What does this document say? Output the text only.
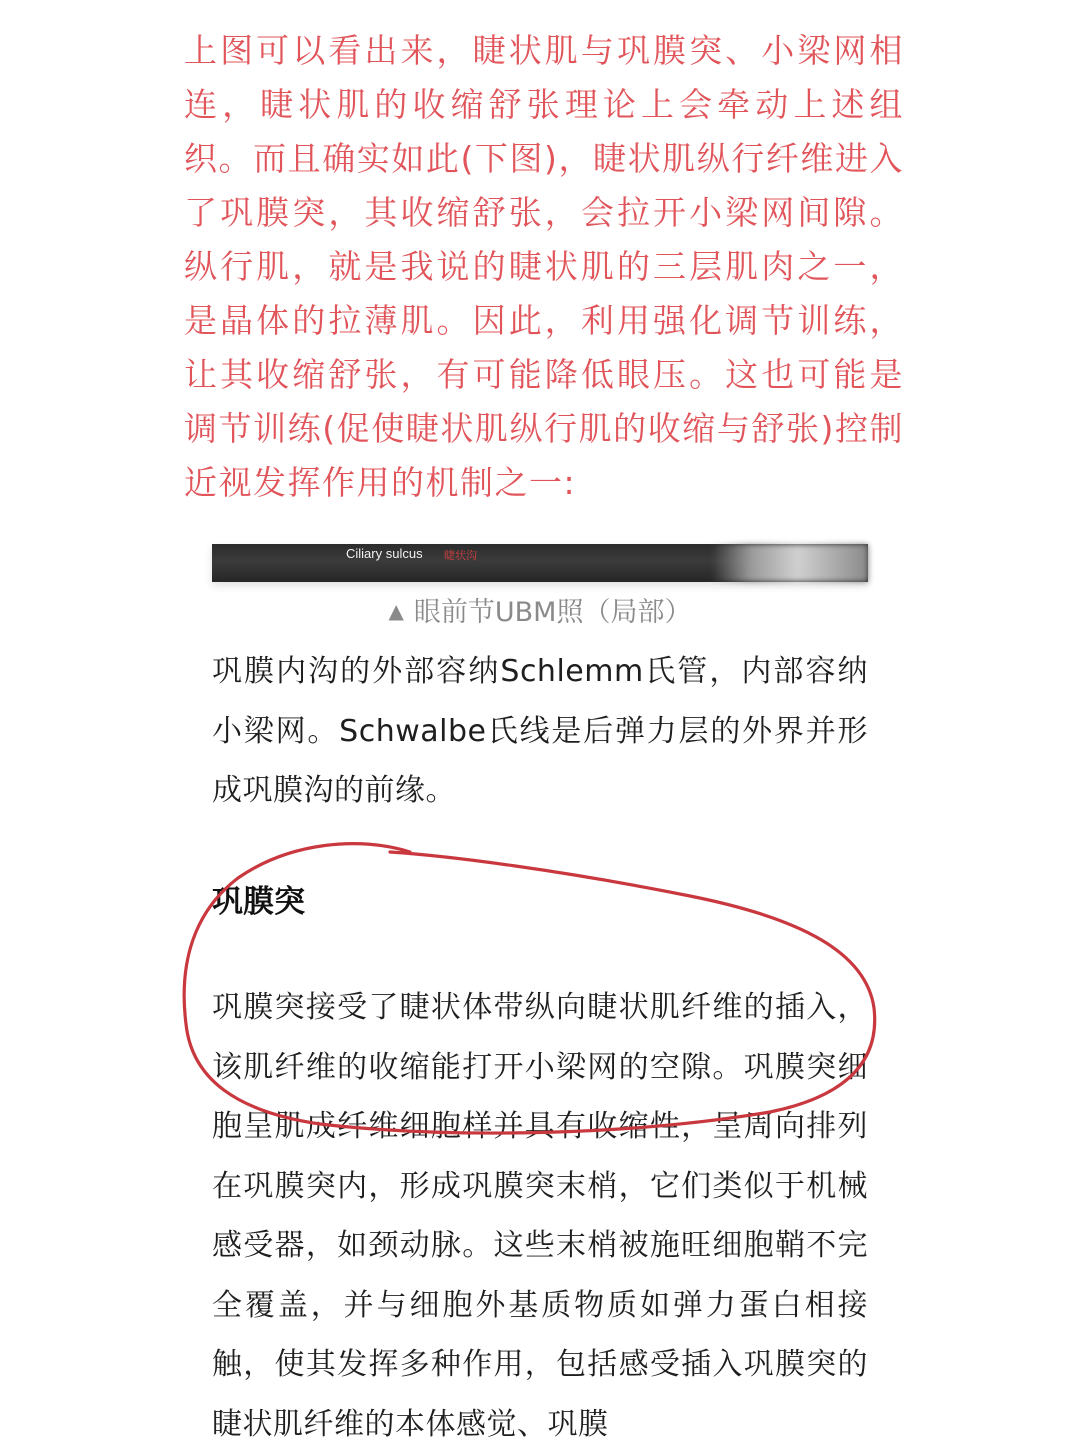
上图可以看出来，睫状肌与巩膜突、小梁网相连，睫状肌的收缩舒张理论上会牵动上述组织。而且确实如此(下图)，睫状肌纵行纤维进入了巩膜突，其收缩舒张，会拉开小梁网间隙。纵行肌，就是我说的睫状肌的三层肌肉之一，是晶体的拉薄肌。因此，利用强化调节训练，让其收缩舒张，有可能降低眼压。这也可能是调节训练(促使睫状肌纵行肌的收缩与舒张)控制近视发挥作用的机制之一:

Ciliary sulcus 睫状沟
▲ 眼前节UBM照（局部）

巩膜内沟的外部容纳Schlemm氏管，内部容纳小梁网。Schwalbe氏线是后弹力层的外界并形成巩膜沟的前缘。

巩膜突

巩膜突接受了睫状体带纵向睫状肌纤维的插入，该肌纤维的收缩能打开小梁网的空隙。巩膜突细胞呈肌成纤维细胞样并具有收缩性，呈周向排列在巩膜突内，形成巩膜突末梢，它们类似于机械感受器，如颈动脉。这些末梢被施旺细胞鞘不完全覆盖，并与细胞外基质物质如弹力蛋白相接触，使其发挥多种作用，包括感受插入巩膜突的睫状肌纤维的本体感觉、巩膜
